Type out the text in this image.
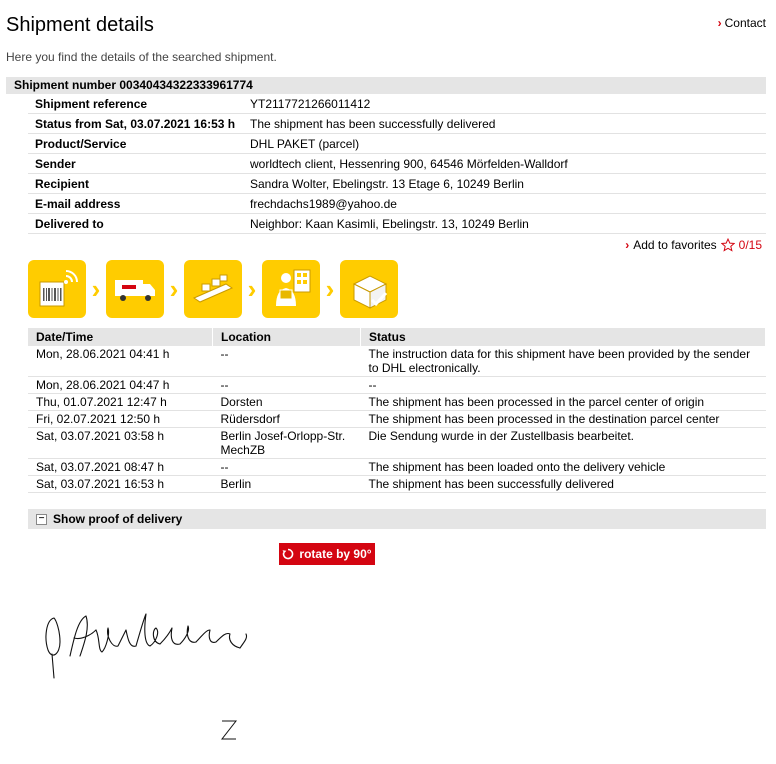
Shipment details	› Contact
Here you find the details of the searched shipment.
Shipment number 00340434322333961774
Shipment reference	YT2117721266011412
Status from Sat, 03.07.2021 16:53 h	The shipment has been successfully delivered
Product/Service	DHL PAKET (parcel)
Sender	worldtech client, Hessenring 900, 64546 Mörfelden-Walldorf
Recipient	Sandra Wolter, Ebelingstr. 13 Etage 6, 10249 Berlin
E-mail address	frechdachs1989@yahoo.de
Delivered to	Neighbor: Kaan Kasimli, Ebelingstr. 13, 10249 Berlin
› Add to favorites 0/15
›	›	›	›
Date/Time	Location	Status
Mon, 28.06.2021 04:41 h	--	The instruction data for this shipment have been provided by the sender to DHL electronically.
Mon, 28.06.2021 04:47 h	--	--
Thu, 01.07.2021 12:47 h	Dorsten	The shipment has been processed in the parcel center of origin
Fri, 02.07.2021 12:50 h	Rüdersdorf	The shipment has been processed in the destination parcel center
Sat, 03.07.2021 03:58 h	Berlin Josef-Orlopp-Str. MechZB	Die Sendung wurde in der Zustellbasis bearbeitet.
Sat, 03.07.2021 08:47 h	--	The shipment has been loaded onto the delivery vehicle
Sat, 03.07.2021 16:53 h	Berlin	The shipment has been successfully delivered
− Show proof of delivery
rotate by 90°
